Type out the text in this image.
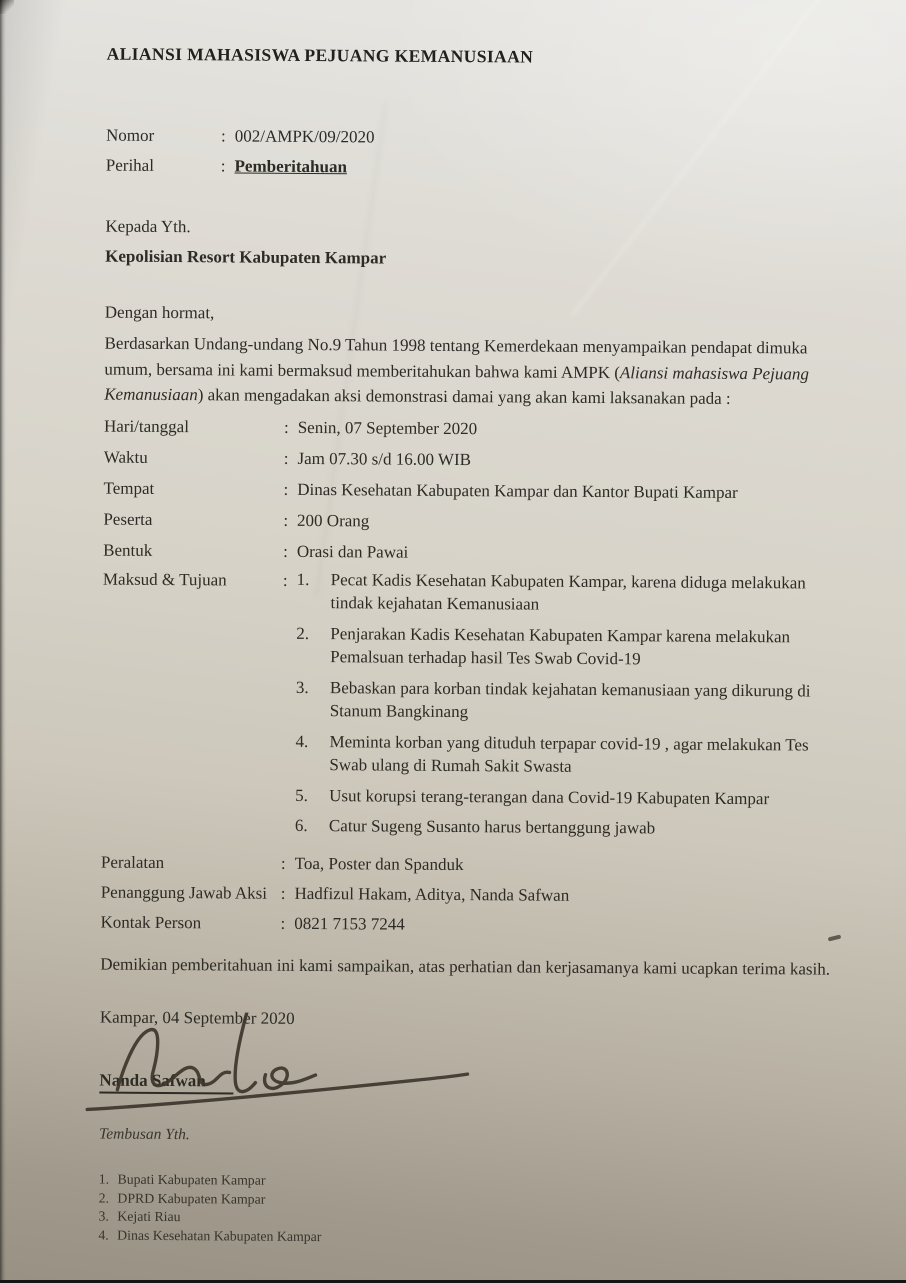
ALIANSI MAHASISWA PEJUANG KEMANUSIAAN
Nomor	: 002/AMPK/09/2020
Perihal	: Pemberitahuan
Kepada Yth.
Kepolisian Resort Kabupaten Kampar
Dengan hormat,
Berdasarkan Undang-undang No.9 Tahun 1998 tentang Kemerdekaan menyampaikan pendapat dimuka umum, bersama ini kami bermaksud memberitahukan bahwa kami AMPK (Aliansi mahasiswa Pejuang Kemanusiaan) akan mengadakan aksi demonstrasi damai yang akan kami laksanakan pada :
Hari/tanggal	: Senin, 07 September 2020
Waktu	: Jam 07.30 s/d 16.00 WIB
Tempat	: Dinas Kesehatan Kabupaten Kampar dan Kantor Bupati Kampar
Peserta	: 200 Orang
Bentuk	: Orasi dan Pawai
Maksud & Tujuan	: 1. Pecat Kadis Kesehatan Kabupaten Kampar, karena diduga melakukan tindak kejahatan Kemanusiaan
2. Penjarakan Kadis Kesehatan Kabupaten Kampar karena melakukan Pemalsuan terhadap hasil Tes Swab Covid-19
3. Bebaskan para korban tindak kejahatan kemanusiaan yang dikurung di Stanum Bangkinang
4. Meminta korban yang dituduh terpapar covid-19 , agar melakukan Tes Swab ulang di Rumah Sakit Swasta
5. Usut korupsi terang-terangan dana Covid-19 Kabupaten Kampar
6. Catur Sugeng Susanto harus bertanggung jawab
Peralatan	: Toa, Poster dan Spanduk
Penanggung Jawab Aksi : Hadfizul Hakam, Aditya, Nanda Safwan
Kontak Person	: 0821 7153 7244
Demikian pemberitahuan ini kami sampaikan, atas perhatian dan kerjasamanya kami ucapkan terima kasih.
Kampar, 04 September 2020
Nanda Safwan
Tembusan Yth.
1. Bupati Kabupaten Kampar
2. DPRD Kabupaten Kampar
3. Kejati Riau
4. Dinas Kesehatan Kabupaten Kampar
